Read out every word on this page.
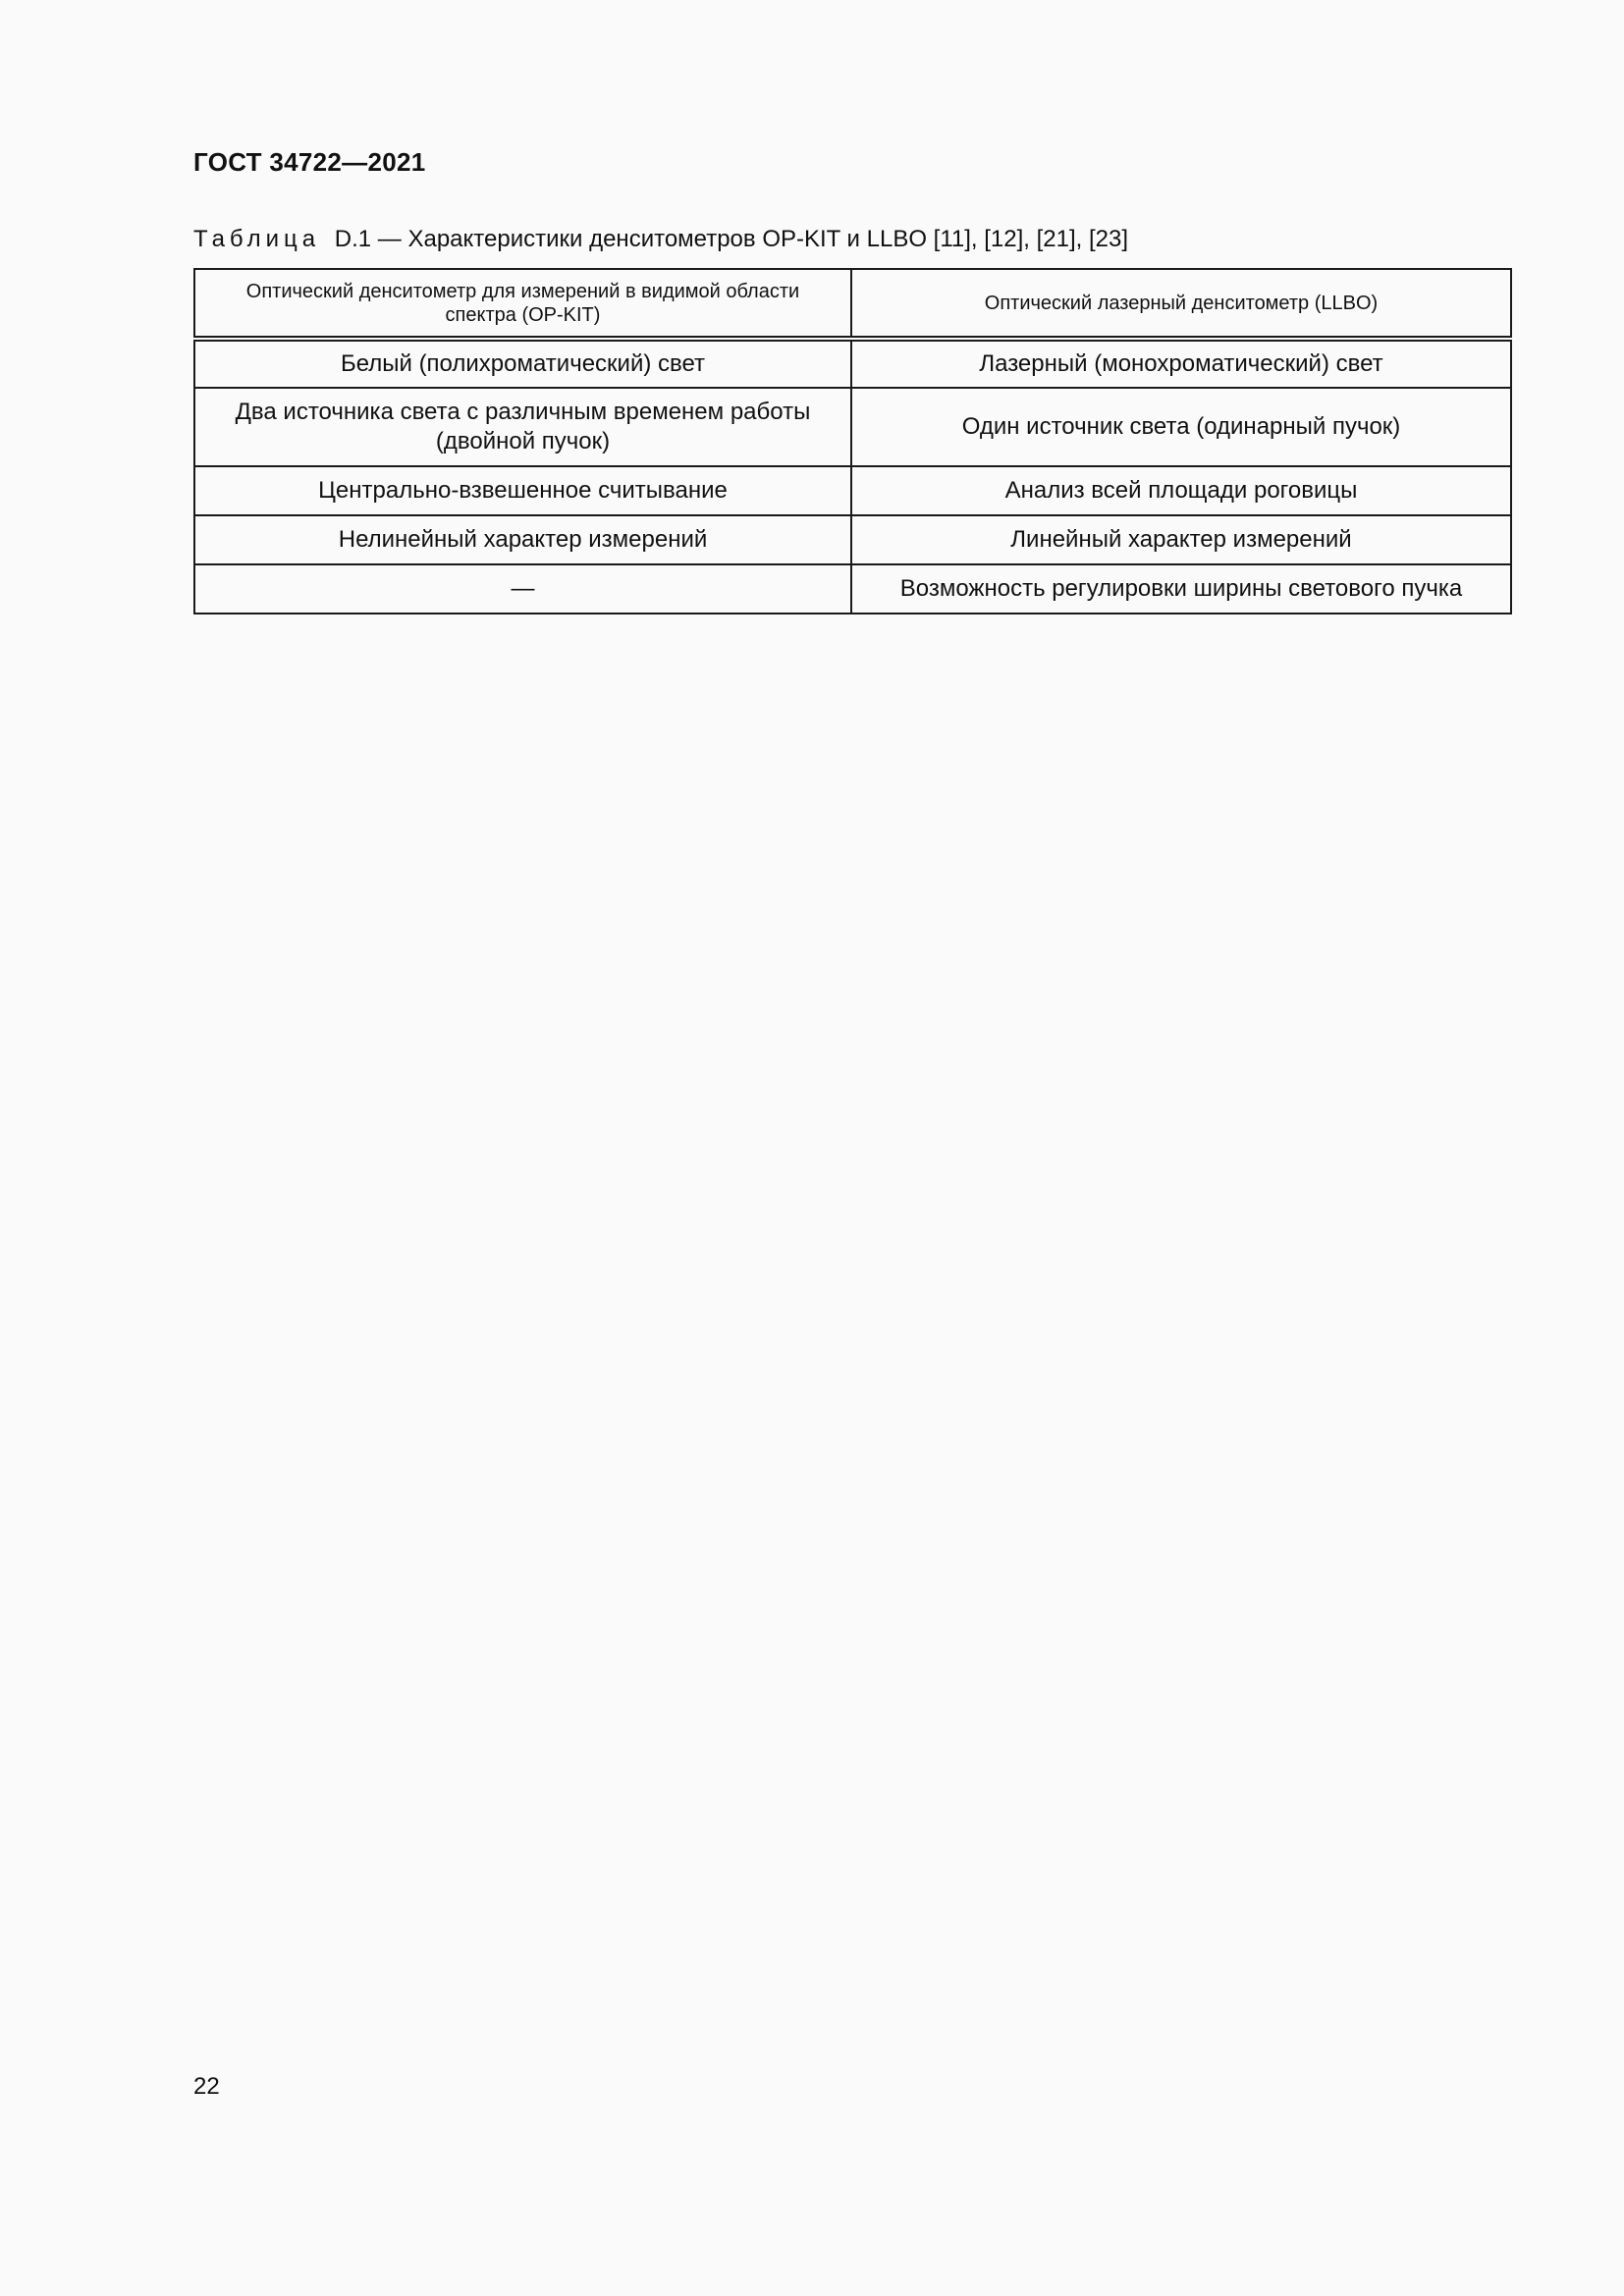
ГОСТ 34722—2021
Таблица D.1 — Характеристики денситометров OP-KIT и LLBO [11], [12], [21], [23]
Оптический денситометр для измерений в видимой области спектра (OP-KIT)	Оптический лазерный денситометр (LLBO)
Белый (полихроматический) свет	Лазерный (монохроматический) свет
Два источника света с различным временем работы (двойной пучок)	Один источник света (одинарный пучок)
Центрально-взвешенное считывание	Анализ всей площади роговицы
Нелинейный характер измерений	Линейный характер измерений
—	Возможность регулировки ширины светового пучка
22
